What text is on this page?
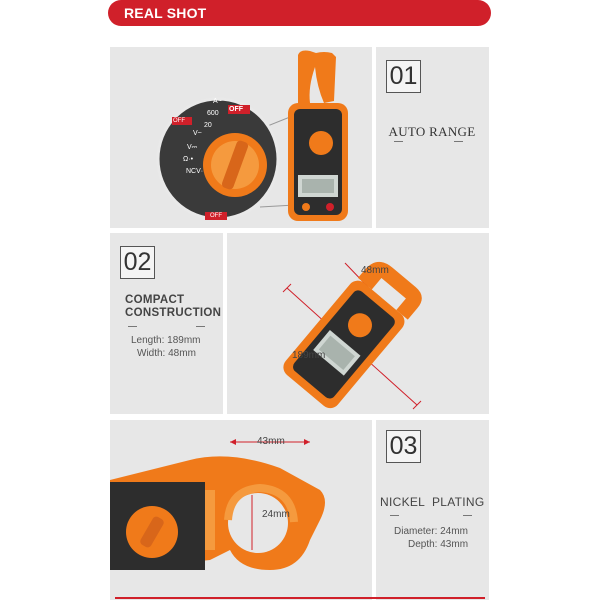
REAL SHOT
01
AUTO RANGE
02
COMPACT
CONSTRUCTION
Length: 189mm
Width: 48mm
03
NICKEL  PLATING
Diameter: 24mm
Depth: 43mm
OFF
A~
600
20
V~
V⎓
Ω·•
NCV·
OFF
OFF
48mm
189mm
43mm
24mm
